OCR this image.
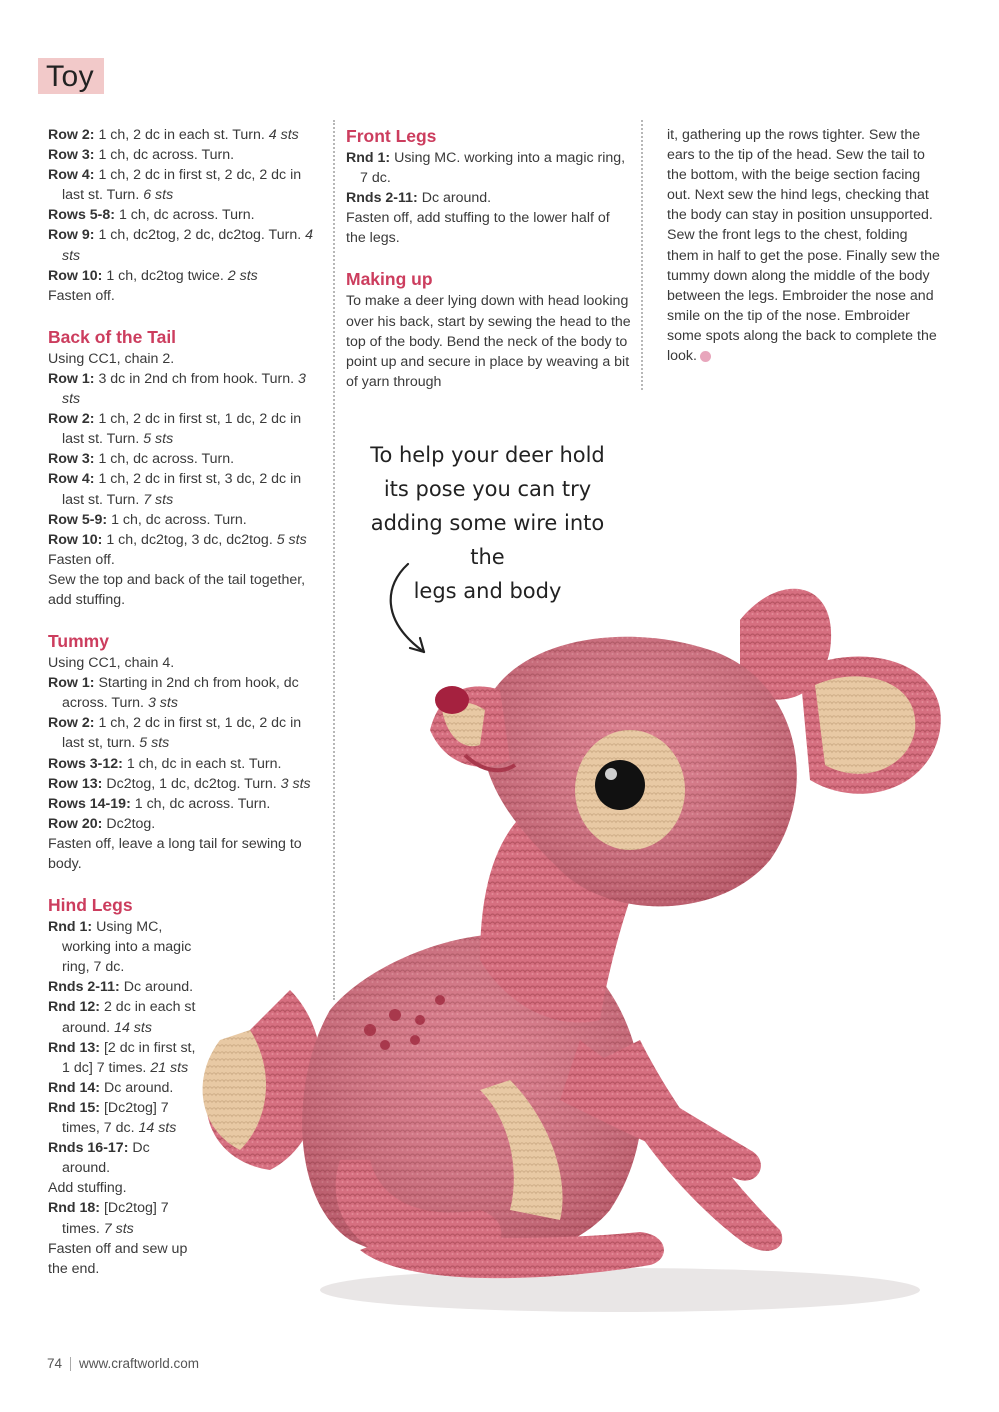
Toy

Row 2: 1 ch, 2 dc in each st. Turn. 4 sts

Row 3: 1 ch, dc across. Turn.

Row 4: 1 ch, 2 dc in first st, 2 dc, 2 dc in last st. Turn. 6 sts

Rows 5-8: 1 ch, dc across. Turn.

Row 9: 1 ch, dc2tog, 2 dc, dc2tog. Turn. 4 sts

Row 10: 1 ch, dc2tog twice. 2 sts

Fasten off.

Back of the Tail

Using CC1, chain 2.

Row 1: 3 dc in 2nd ch from hook. Turn. 3 sts

Row 2: 1 ch, 2 dc in first st, 1 dc, 2 dc in last st. Turn. 5 sts

Row 3: 1 ch, dc across. Turn.

Row 4: 1 ch, 2 dc in first st, 3 dc, 2 dc in last st. Turn. 7 sts

Row 5-9: 1 ch, dc across. Turn.

Row 10: 1 ch, dc2tog, 3 dc, dc2tog. 5 sts

Fasten off.

Sew the top and back of the tail together, add stuffing.

Tummy

Using CC1, chain 4.

Row 1: Starting in 2nd ch from hook, dc across. Turn. 3 sts

Row 2: 1 ch, 2 dc in first st, 1 dc, 2 dc in last st, turn. 5 sts

Rows 3-12: 1 ch, dc in each st. Turn.

Row 13: Dc2tog, 1 dc, dc2tog. Turn. 3 sts

Rows 14-19: 1 ch, dc across. Turn.

Row 20: Dc2tog.

Fasten off, leave a long tail for sewing to body.

Hind Legs

Rnd 1: Using MC, working into a magic ring, 7 dc.

Rnds 2-11: Dc around.

Rnd 12: 2 dc in each st around. 14 sts

Rnd 13: [2 dc in first st, 1 dc] 7 times. 21 sts

Rnd 14: Dc around.

Rnd 15: [Dc2tog] 7 times, 7 dc. 14 sts

Rnds 16-17: Dc around.

Add stuffing.

Rnd 18: [Dc2tog] 7 times. 7 sts

Fasten off and sew up the end.

Front Legs

Rnd 1: Using MC. working into a magic ring, 7 dc.

Rnds 2-11: Dc around.

Fasten off, add stuffing to the lower half of the legs.

Making up

To make a deer lying down with head looking over his back, start by sewing the head to the top of the body. Bend the neck of the body to point up and secure in place by weaving a bit of yarn through

it, gathering up the rows tighter. Sew the ears to the tip of the head. Sew the tail to the bottom, with the beige section facing out. Next sew the hind legs, checking that the body can stay in position unsupported. Sew the front legs to the chest, folding them in half to get the pose. Finally sew the tummy down along the middle of the body between the legs. Embroider the nose and smile on the tip of the nose. Embroider some spots along the back to complete the look.

To help your deer hold
its pose you can try
adding some wire into the
legs and body
74 www.craftworld.com
